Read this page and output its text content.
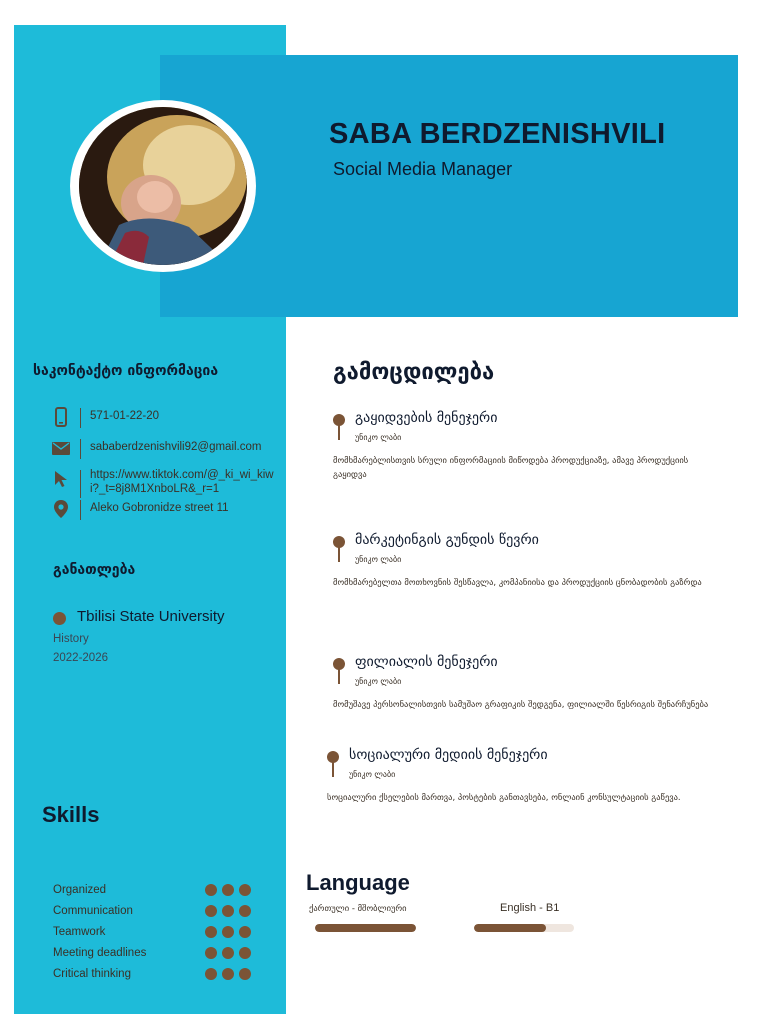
SABA BERDZENISHVILI
Social Media Manager
საკონტაქტო ინფორმაცია
571-01-22-20
sababerdzenishvili92@gmail.com
https://www.tiktok.com/@_ki_wi_kiwi?_t=8j8M1XnboLR&_r=1
Aleko Gobronidze street 11
განათლება
Tbilisi State University
History
2022-2026
Skills
Organized
Communication
Teamwork
Meeting deadlines
Critical thinking
გამოცდილება
გაყიდვების მენეჯერი
უნიკო ლაბი
მომხმარებლისთვის სრული ინფორმაციის მიწოდება პროდუქციაზე, ამავე პროდუქციის გაყიდვა
მარკეტინგის გუნდის წევრი
უნიკო ლაბი
მომხმარებელთა მოთხოვნის შესწავლა, კომპანიისა და პროდუქციის ცნობადობის გაზრდა
ფილიალის მენეჯერი
უნიკო ლაბი
მომუშავე პერსონალისთვის სამუშაო გრაფიკის შედგენა, ფილიალში წესრიგის შენარჩუნება
სოციალური მედიის მენეჯერი
უნიკო ლაბი
სოციალური ქსელების მართვა, პოსტების განთავსება, ონლაინ კონსულტაციის გაწევა.
Language
ქართული - მშობლიური	English - B1
